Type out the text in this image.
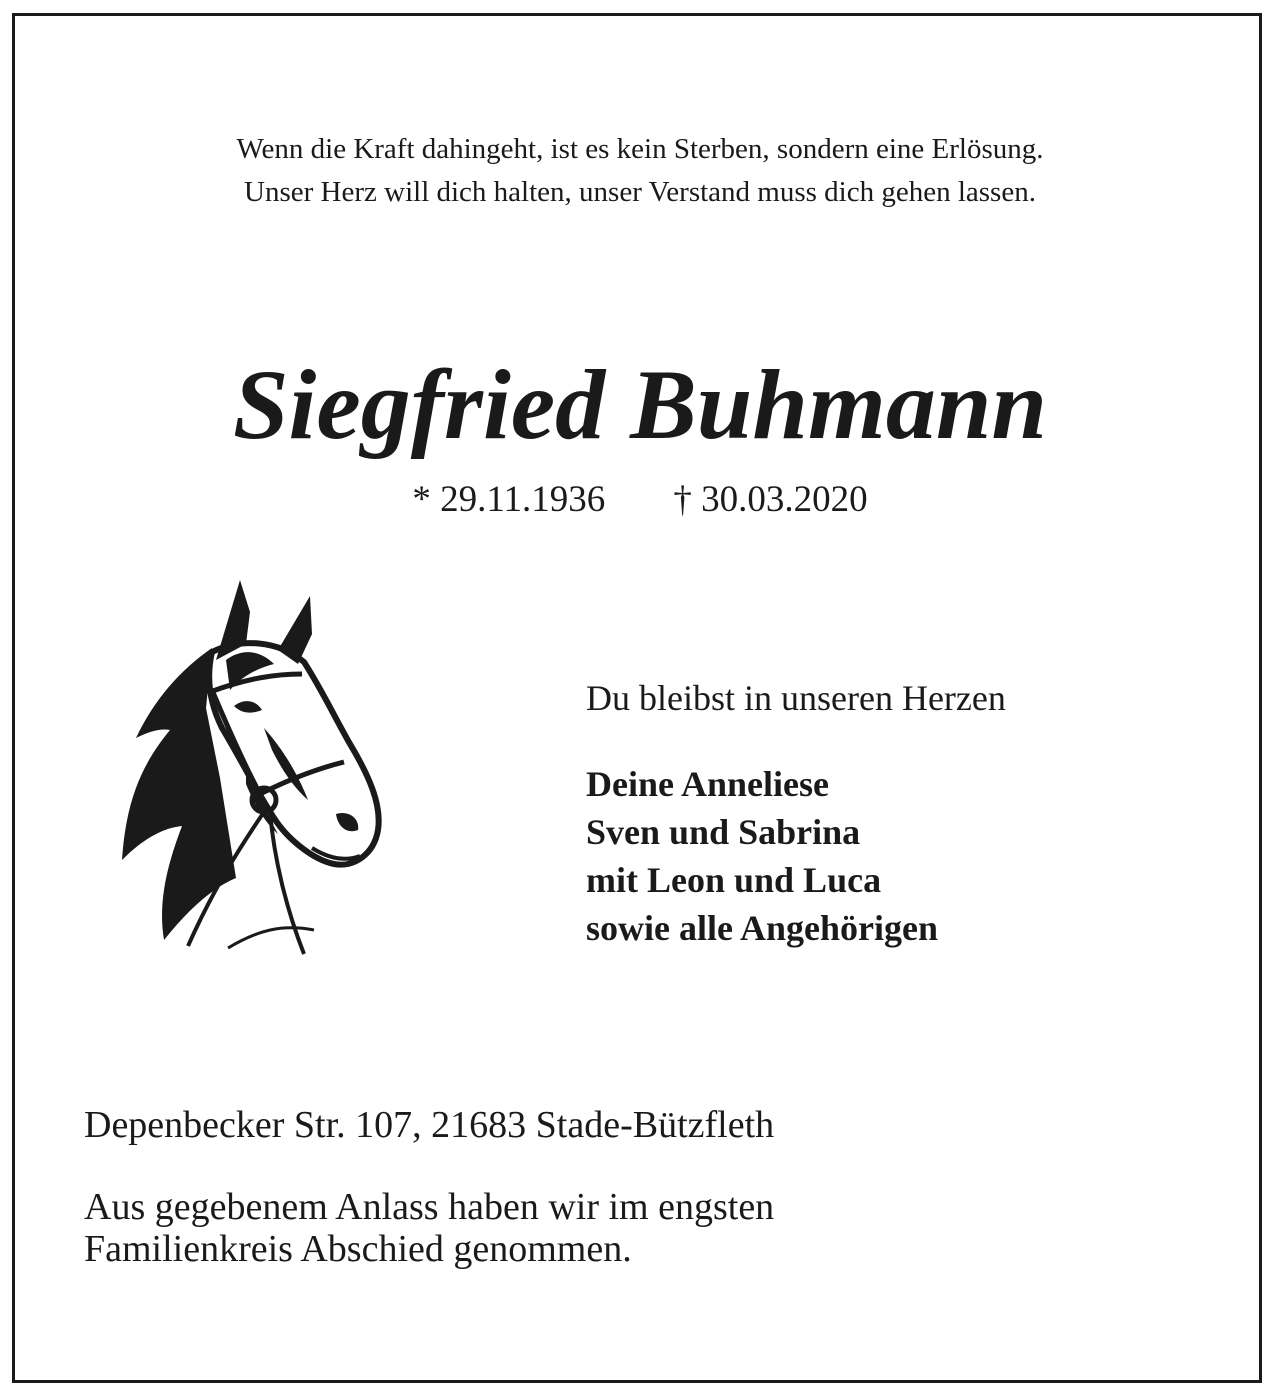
Wenn die Kraft dahingeht, ist es kein Sterben, sondern eine Erlösung.
Unser Herz will dich halten, unser Verstand muss dich gehen lassen.
Siegfried Buhmann
* 29.11.1936 † 30.03.2020
Du bleibst in unseren Herzen
Deine Anneliese
Sven und Sabrina
mit Leon und Luca
sowie alle Angehörigen
Depenbecker Str. 107, 21683 Stade-Bützfleth
Aus gegebenem Anlass haben wir im engsten
Familienkreis Abschied genommen.
